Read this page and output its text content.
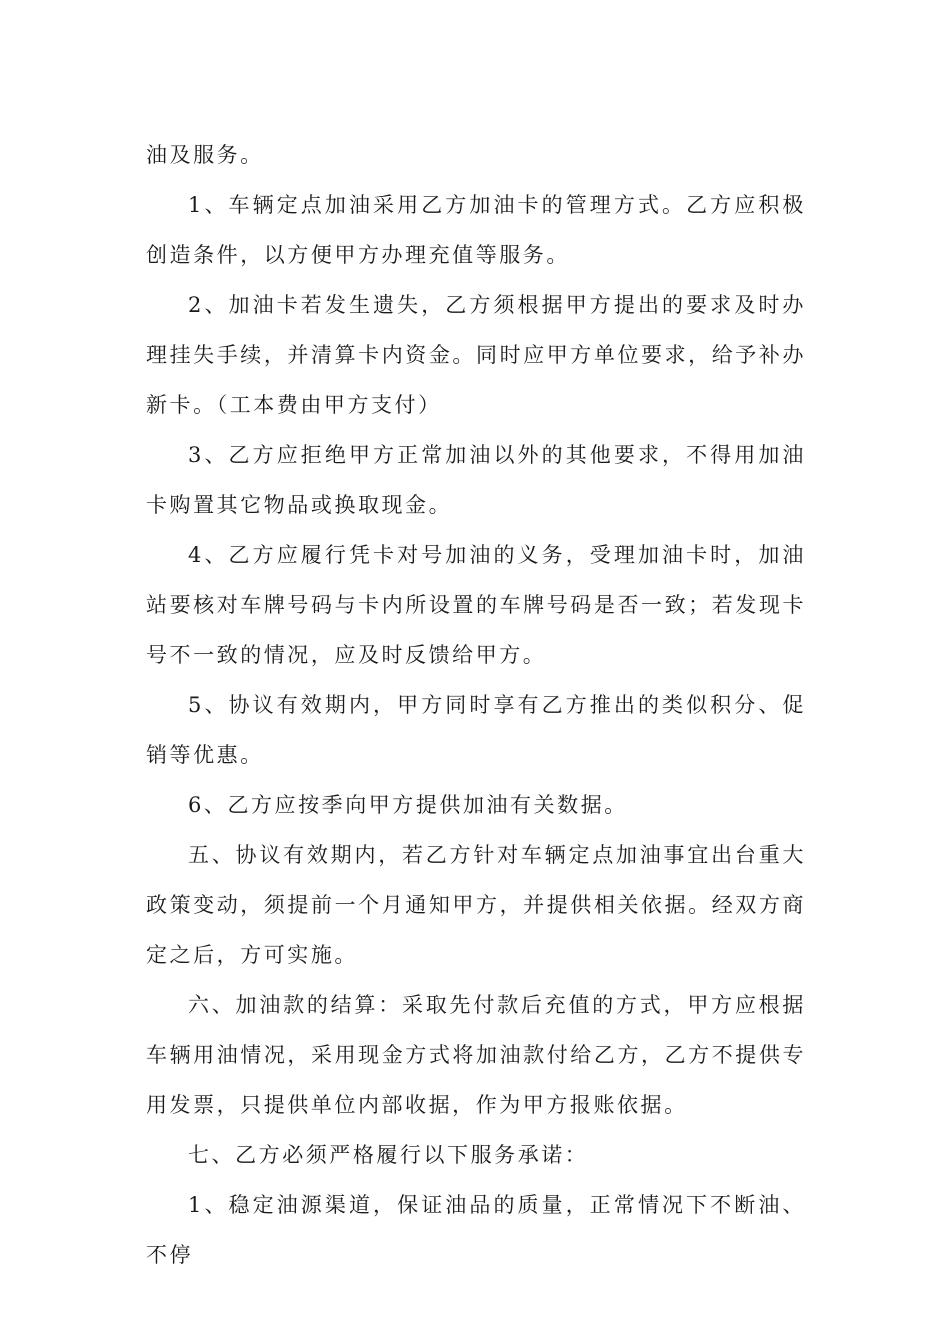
油及服务。

1、车辆定点加油采用乙方加油卡的管理方式。乙方应积极创造条件，以方便甲方办理充值等服务。

2、加油卡若发生遗失，乙方须根据甲方提出的要求及时办理挂失手续，并清算卡内资金。同时应甲方单位要求，给予补办新卡。（工本费由甲方支付）

3、乙方应拒绝甲方正常加油以外的其他要求，不得用加油卡购置其它物品或换取现金。

4、乙方应履行凭卡对号加油的义务，受理加油卡时，加油站要核对车牌号码与卡内所设置的车牌号码是否一致；若发现卡号不一致的情况，应及时反馈给甲方。

5、协议有效期内，甲方同时享有乙方推出的类似积分、促销等优惠。

6、乙方应按季向甲方提供加油有关数据。

五、协议有效期内，若乙方针对车辆定点加油事宜出台重大政策变动，须提前一个月通知甲方，并提供相关依据。经双方商定之后，方可实施。

六、加油款的结算：采取先付款后充值的方式，甲方应根据车辆用油情况，采用现金方式将加油款付给乙方，乙方不提供专用发票，只提供单位内部收据，作为甲方报账依据。

七、乙方必须严格履行以下服务承诺：

1、稳定油源渠道，保证油品的质量，正常情况下不断油、不停
